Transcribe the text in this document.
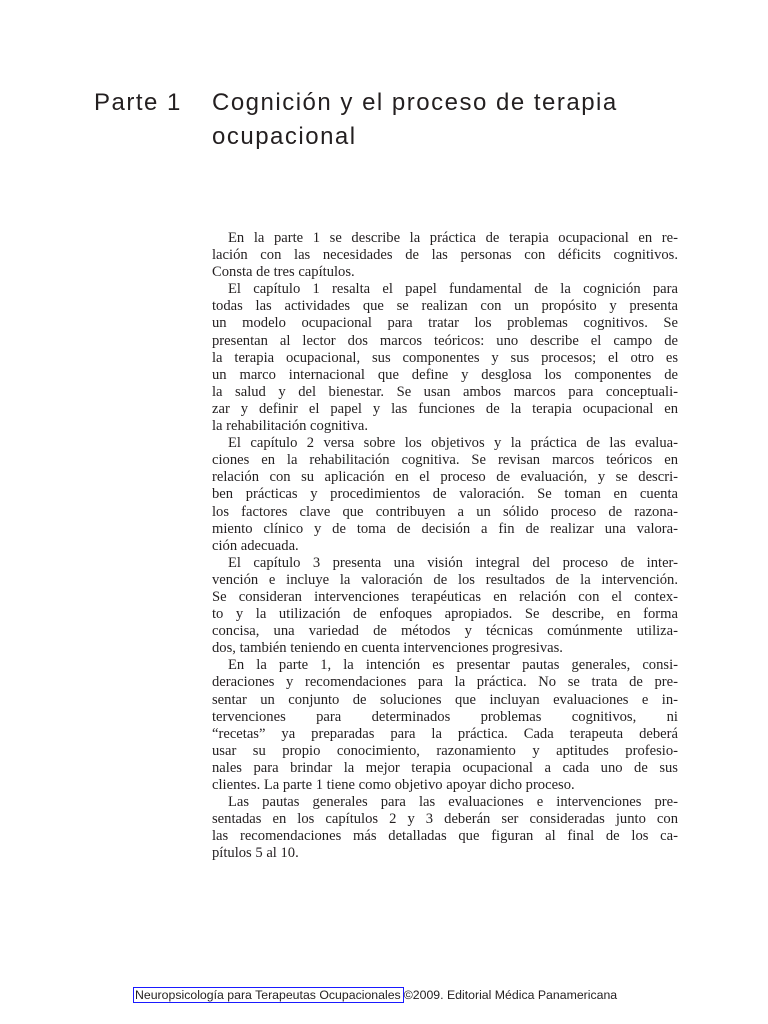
Parte 1 Cognición y el proceso de terapia
ocupacional
En la parte 1 se describe la práctica de terapia ocupacional en re-
lación con las necesidades de las personas con déficits cognitivos.
Consta de tres capítulos.
El capítulo 1 resalta el papel fundamental de la cognición para
todas las actividades que se realizan con un propósito y presenta
un modelo ocupacional para tratar los problemas cognitivos. Se
presentan al lector dos marcos teóricos: uno describe el campo de
la terapia ocupacional, sus componentes y sus procesos; el otro es
un marco internacional que define y desglosa los componentes de
la salud y del bienestar. Se usan ambos marcos para conceptuali-
zar y definir el papel y las funciones de la terapia ocupacional en
la rehabilitación cognitiva.
El capítulo 2 versa sobre los objetivos y la práctica de las evalua-
ciones en la rehabilitación cognitiva. Se revisan marcos teóricos en
relación con su aplicación en el proceso de evaluación, y se descri-
ben prácticas y procedimientos de valoración. Se toman en cuenta
los factores clave que contribuyen a un sólido proceso de razona-
miento clínico y de toma de decisión a fin de realizar una valora-
ción adecuada.
El capítulo 3 presenta una visión integral del proceso de inter-
vención e incluye la valoración de los resultados de la intervención.
Se consideran intervenciones terapéuticas en relación con el contex-
to y la utilización de enfoques apropiados. Se describe, en forma
concisa, una variedad de métodos y técnicas comúnmente utiliza-
dos, también teniendo en cuenta intervenciones progresivas.
En la parte 1, la intención es presentar pautas generales, consi-
deraciones y recomendaciones para la práctica. No se trata de pre-
sentar un conjunto de soluciones que incluyan evaluaciones e in-
tervenciones para determinados problemas cognitivos, ni
“recetas” ya preparadas para la práctica. Cada terapeuta deberá
usar su propio conocimiento, razonamiento y aptitudes profesio-
nales para brindar la mejor terapia ocupacional a cada uno de sus
clientes. La parte 1 tiene como objetivo apoyar dicho proceso.
Las pautas generales para las evaluaciones e intervenciones pre-
sentadas en los capítulos 2 y 3 deberán ser consideradas junto con
las recomendaciones más detalladas que figuran al final de los ca-
pítulos 5 al 10.
Neuropsicología para Terapeutas Ocupacionales ©2009. Editorial Médica Panamericana
